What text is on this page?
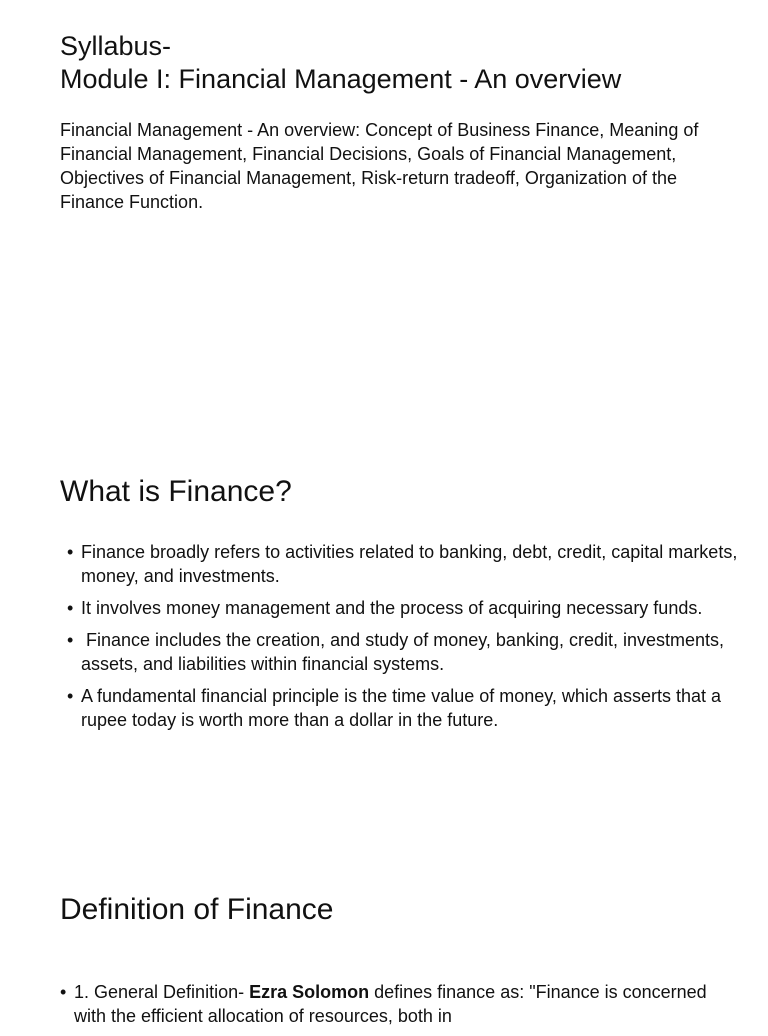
Syllabus-
Module I: Financial Management - An overview

Financial Management - An overview: Concept of Business Finance, Meaning of Financial Management, Financial Decisions, Goals of Financial Management, Objectives of Financial Management, Risk-return tradeoff, Organization of the Finance Function.

What is Finance?
• Finance broadly refers to activities related to banking, debt, credit, capital markets, money, and investments.
• It involves money management and the process of acquiring necessary funds.
• Finance includes the creation, and study of money, banking, credit, investments, assets, and liabilities within financial systems.
• A fundamental financial principle is the time value of money, which asserts that a rupee today is worth more than a dollar in the future.
Definition of Finance
• 1. General Definition- Ezra Solomon defines finance as: "Finance is concerned with the efficient allocation of resources, both in
